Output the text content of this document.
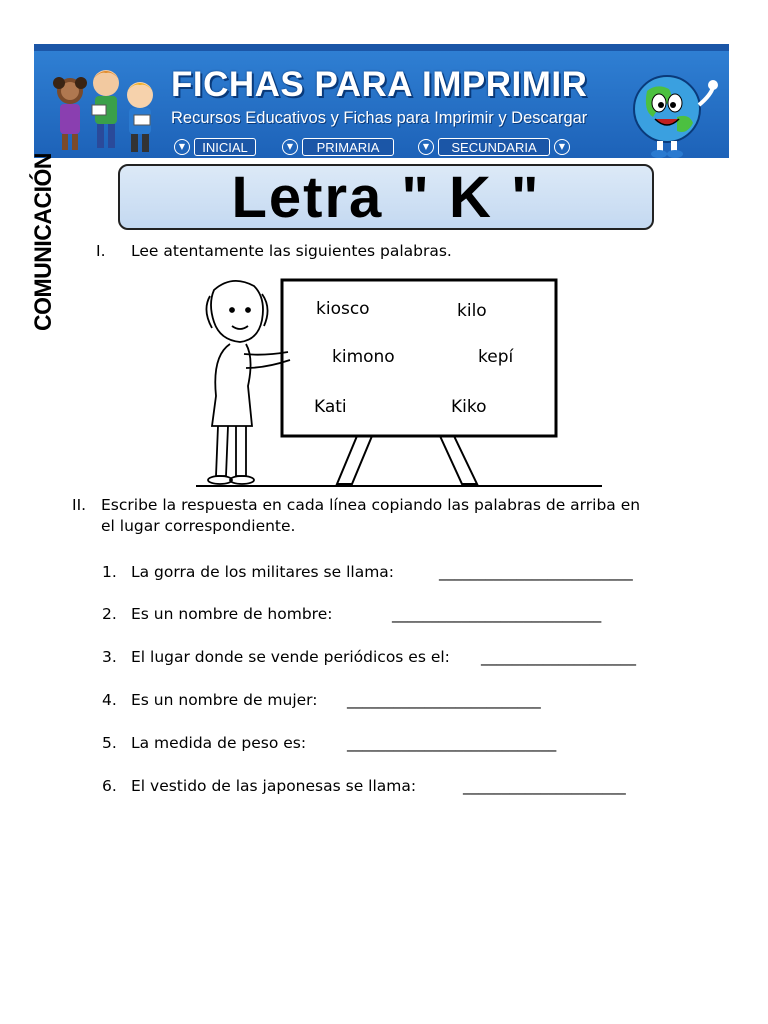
FICHAS PARA IMPRIMIR
Recursos Educativos y Fichas para Imprimir y Descargar
▼	INICIAL	▼	PRIMARIA	▼	SECUNDARIA	▼
COMUNICACIÓN	Letra " K "
I. Lee atentamente las siguientes palabras.
kiosco	kilo
kimono	kepí
Kati	Kiko
II. Escribe la respuesta en cada línea copiando las palabras de arriba en
el lugar correspondiente.
1. La gorra de los militares se llama:	_________________________
2. Es un nombre de hombre:	___________________________
3. El lugar donde se vende periódicos es el: ____________________
4. Es un nombre de mujer: _________________________
5. La medida de peso es:	___________________________
6. El vestido de las japonesas se llama:	_____________________
